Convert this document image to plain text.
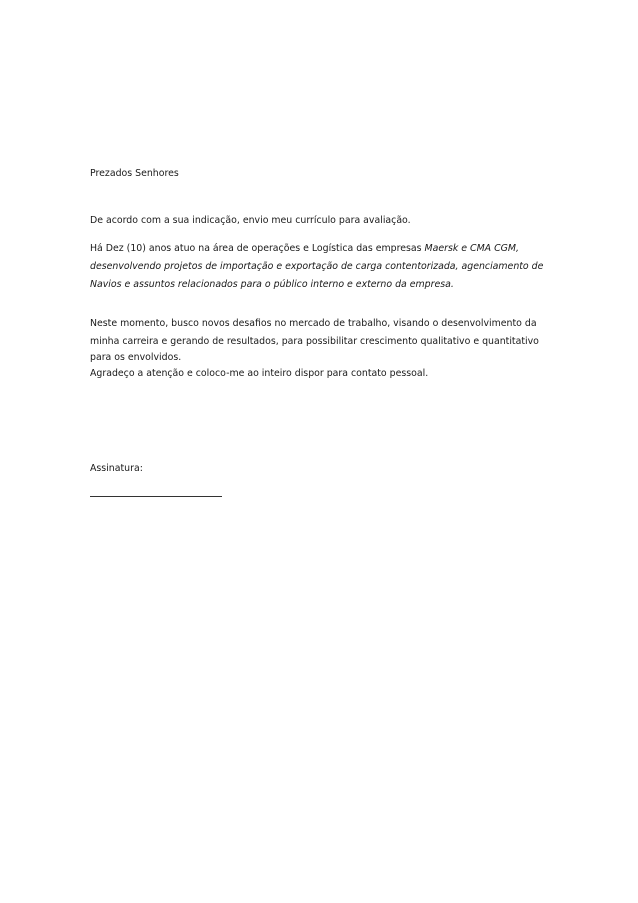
Prezados Senhores

De acordo com a sua indicação, envio meu currículo para avaliação.

Há Dez (10) anos atuo na área de operações e Logística das empresas Maersk e CMA CGM,

desenvolvendo projetos de importação e exportação de carga contentorizada, agenciamento de

Navios e assuntos relacionados para o público interno e externo da empresa.

Neste momento, busco novos desafios no mercado de trabalho, visando o desenvolvimento da

minha carreira e gerando de resultados, para possibilitar crescimento qualitativo e quantitativo

para os envolvidos.

Agradeço a atenção e coloco-me ao inteiro dispor para contato pessoal.

Assinatura:
